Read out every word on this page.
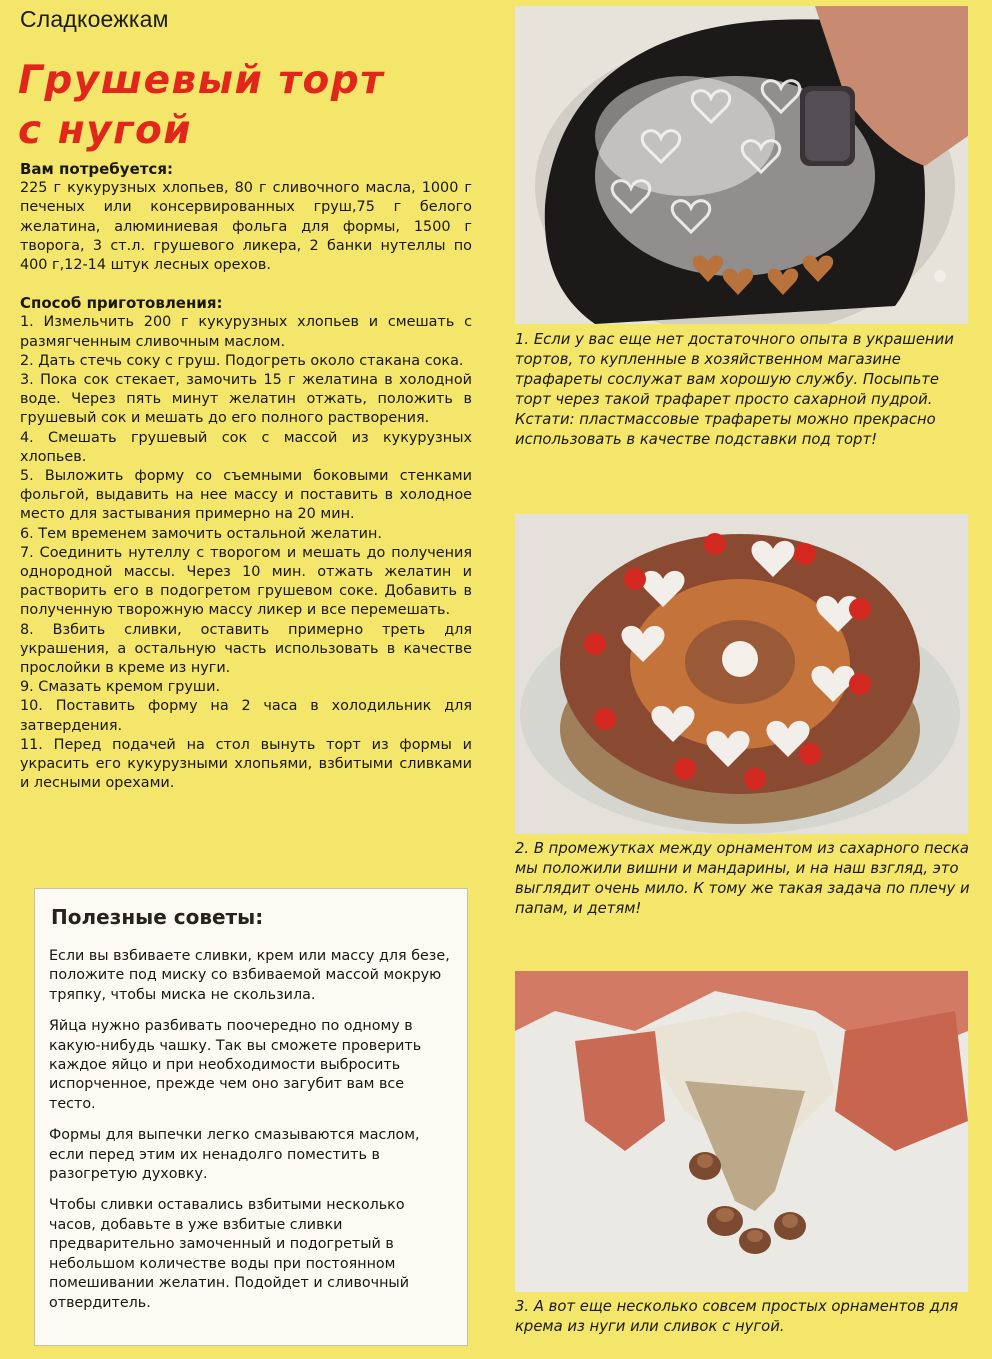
Сладкоежкам
Грушевый торт
с нугой
Вам потребуется:
225 г кукурузных хлопьев, 80 г сливочного масла, 1000 г печеных или консервированных груш,75 г белого желатина, алюминиевая фольга для формы, 1500 г творога, 3 ст.л. грушевого ликера, 2 банки нутеллы по 400 г,12-14 штук лесных орехов.
Способ приготовления:
1. Измельчить 200 г кукурузных хлопьев и смешать с размягченным сливочным маслом.
2. Дать стечь соку с груш. Подогреть около стакана сока.
3. Пока сок стекает, замочить 15 г желатина в холодной воде. Через пять минут желатин отжать, положить в грушевый сок и мешать до его полного растворения.
4. Смешать грушевый сок с массой из кукурузных хлопьев.
5. Выложить форму со съемными боковыми стенками фольгой, выдавить на нее массу и поставить в холодное место для застывания примерно на 20 мин.
6. Тем временем замочить остальной желатин.
7. Соединить нутеллу с творогом и мешать до получения однородной массы. Через 10 мин. отжать желатин и растворить его в подогретом грушевом соке. Добавить в полученную творожную массу ликер и все перемешать.
8. Взбить сливки, оставить примерно треть для украшения, а остальную часть использовать в качестве прослойки в креме из нуги.
9. Смазать кремом груши.
10. Поставить форму на 2 часа в холодильник для затвердения.
11. Перед подачей на стол вынуть торт из формы и украсить его кукурузными хлопьями, взбитыми сливками и лесными орехами.
Полезные советы:

Если вы взбиваете сливки, крем или массу для безе, положите под миску со взбиваемой массой мокрую тряпку, чтобы миска не скользила.

Яйца нужно разбивать поочередно по одному в какую-нибудь чашку. Так вы сможете проверить каждое яйцо и при необходимости выбросить испорченное, прежде чем оно загубит вам все тесто.

Формы для выпечки легко смазываются маслом, если перед этим их ненадолго поместить в разогретую духовку.

Чтобы сливки оставались взбитыми несколько часов, добавьте в уже взбитые сливки предварительно замоченный и подогретый в небольшом количестве воды при постоянном помешивании желатин. Подойдет и сливочный отвердитель.

1. Если у вас еще нет достаточного опыта в украшении тортов, то купленные в хозяйственном магазине трафареты сослужат вам хорошую службу. Посыпьте торт через такой трафарет просто сахарной пудрой. Кстати: пластмассовые трафареты можно прекрасно использовать в качестве подставки под торт!
2. В промежутках между орнаментом из сахарного песка мы положили вишни и мандарины, и на наш взгляд, это выглядит очень мило. К тому же такая задача по плечу и папам, и детям!
3. А вот еще несколько совсем простых орнаментов для крема из нуги или сливок с нугой.
